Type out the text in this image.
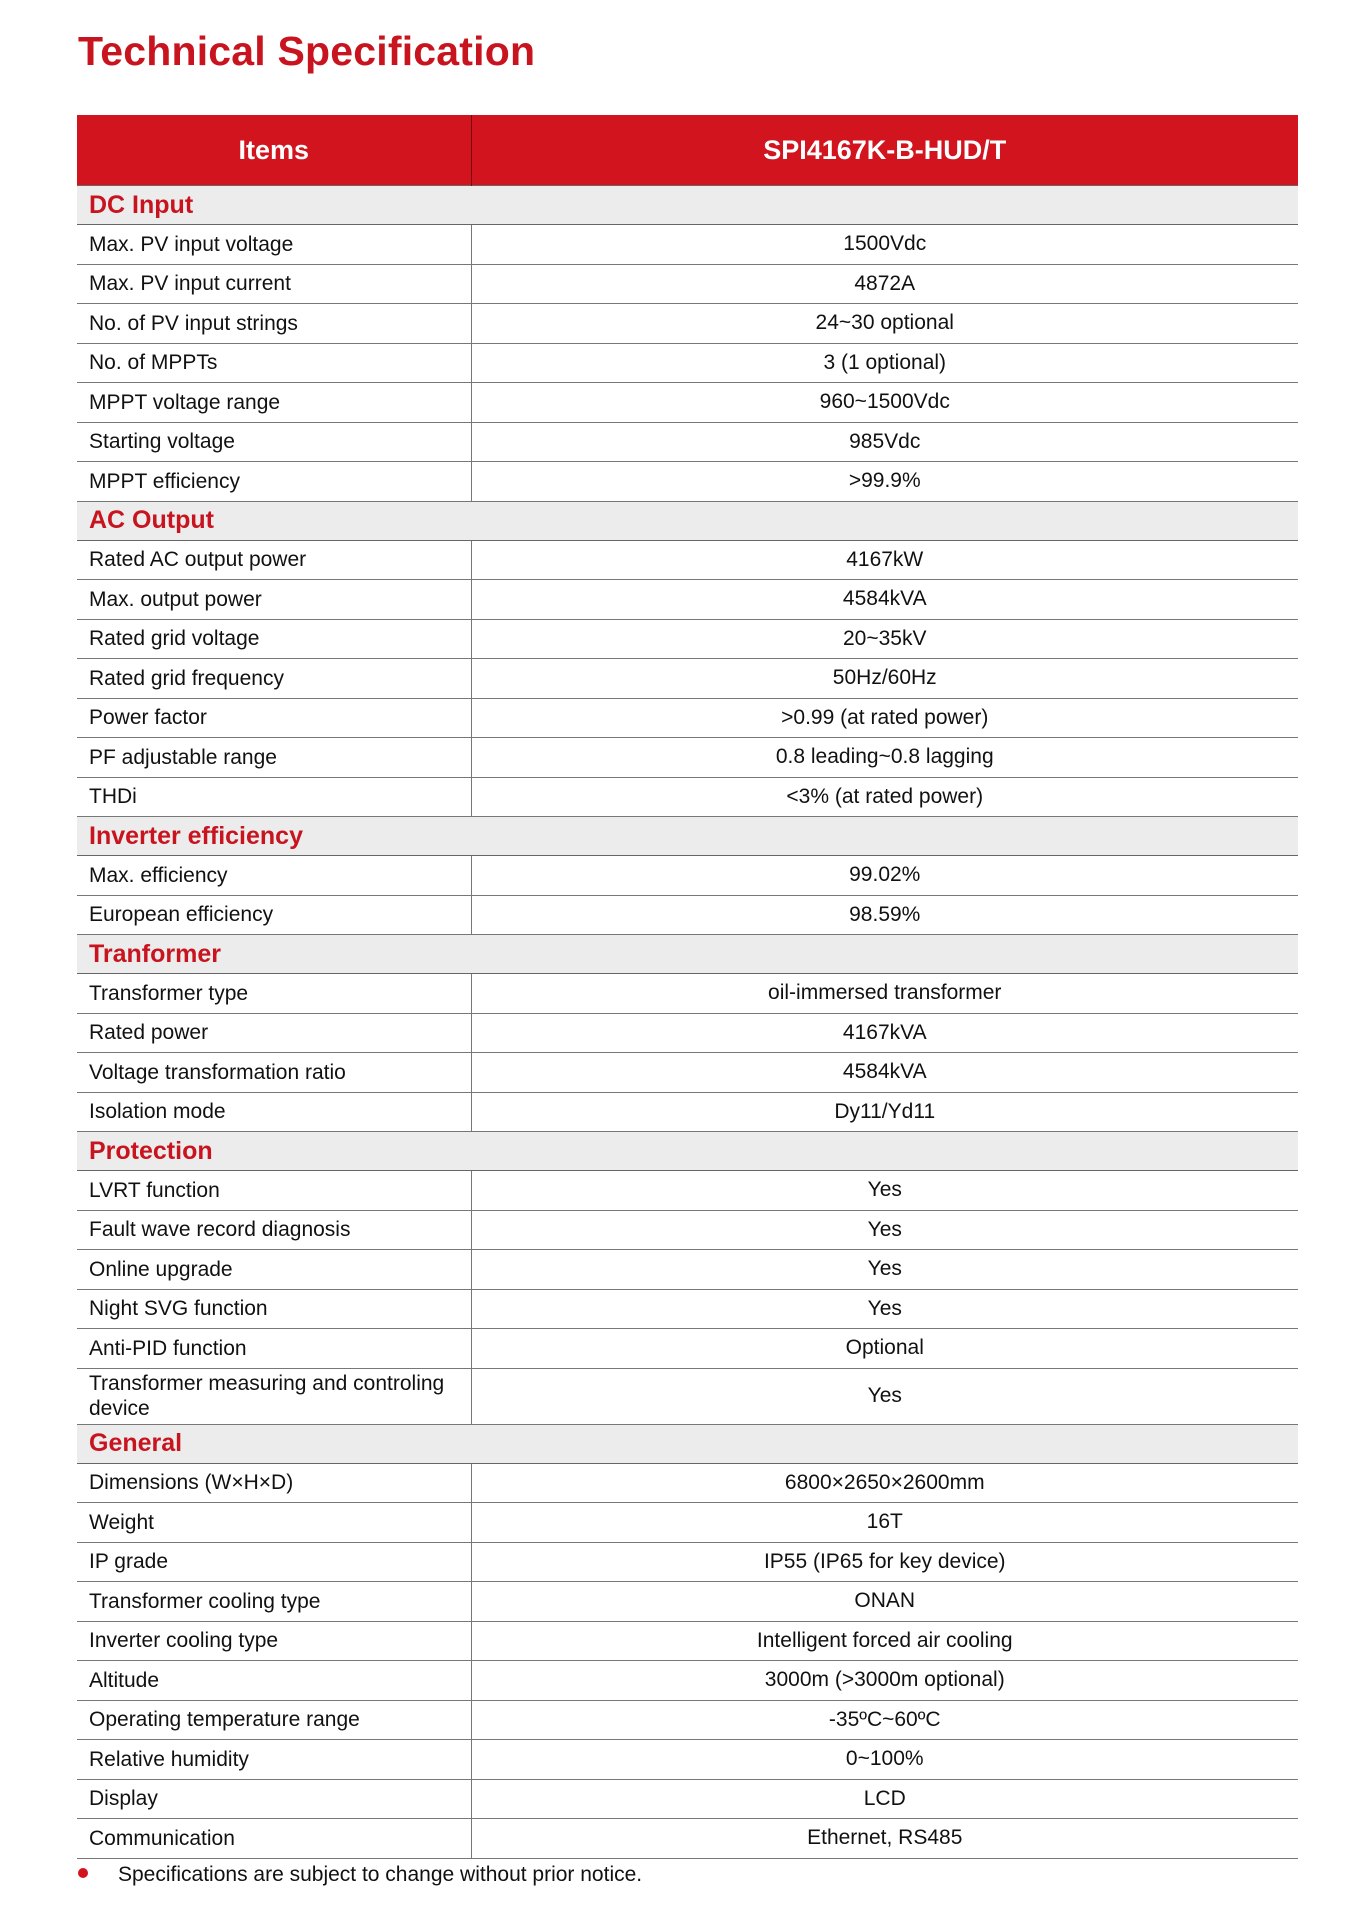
Technical Specification
Items	SPI4167K-B-HUD/T
DC Input	
Max. PV input voltage	1500Vdc
Max. PV input current	4872A
No. of PV input strings	24~30 optional
No. of MPPTs	3 (1 optional)
MPPT voltage range	960~1500Vdc
Starting voltage	985Vdc
MPPT efficiency	>99.9%
AC Output	
Rated AC output power	4167kW
Max. output power	4584kVA
Rated grid voltage	20~35kV
Rated grid frequency	50Hz/60Hz
Power factor	>0.99 (at rated power)
PF adjustable range	0.8 leading~0.8 lagging
THDi	<3% (at rated power)
Inverter efficiency	
Max. efficiency	99.02%
European efficiency	98.59%
Tranformer	
Transformer type	oil-immersed transformer
Rated power	4167kVA
Voltage transformation ratio	4584kVA
Isolation mode	Dy11/Yd11
Protection	
LVRT function	Yes
Fault wave record diagnosis	Yes
Online upgrade	Yes
Night SVG function	Yes
Anti-PID function	Optional
Transformer measuring and controling device	Yes
General	
Dimensions (W×H×D)	6800×2650×2600mm
Weight	16T
IP grade	IP55 (IP65 for key device)
Transformer cooling type	ONAN
Inverter cooling type	Intelligent forced air cooling
Altitude	3000m (>3000m optional)
Operating temperature range	-35ºC~60ºC
Relative humidity	0~100%
Display	LCD
Communication	Ethernet, RS485
Specifications are subject to change without prior notice.
